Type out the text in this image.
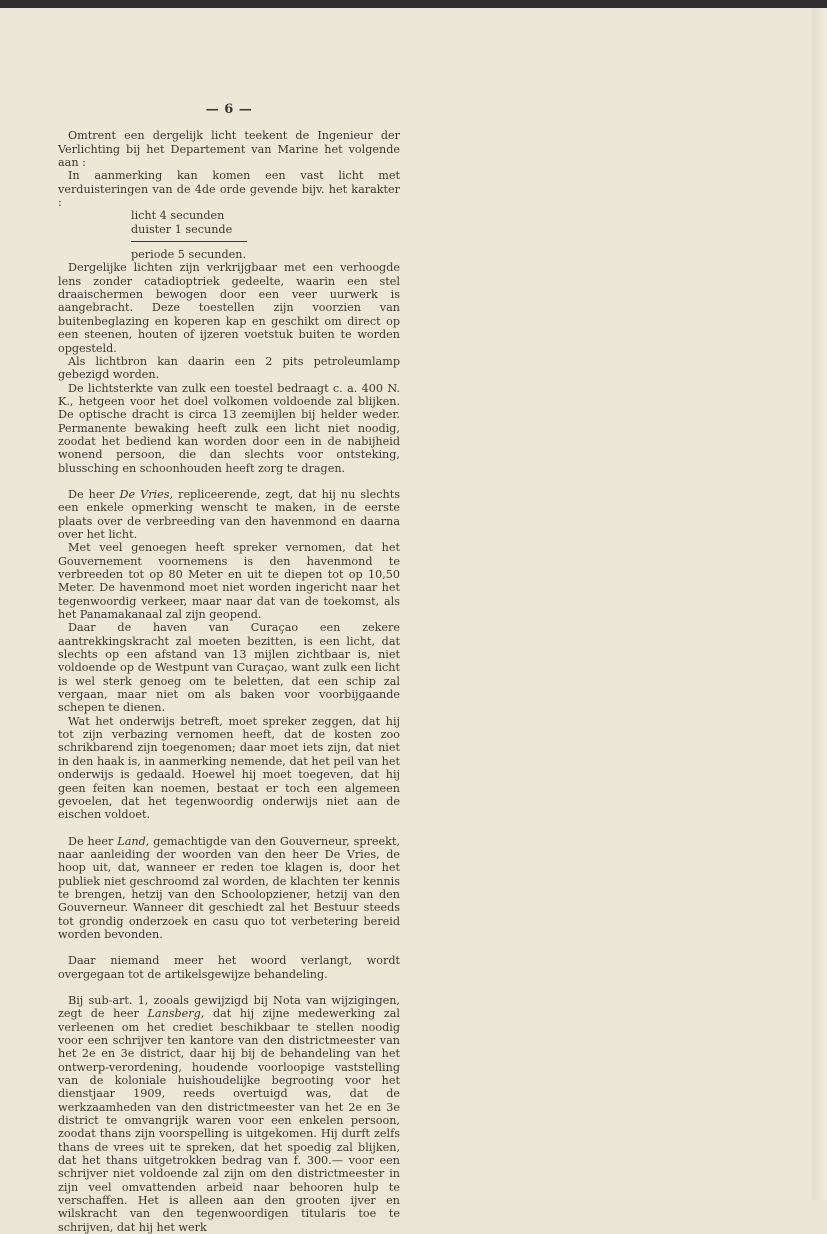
— 6 —

Omtrent een dergelijk licht teekent de Ingenieur der Verlichting bij het Departement van Marine het volgende aan :

In aanmerking kan komen een vast licht met verduisteringen van de 4de orde gevende bijv. het karakter :

licht 4 secunden

duister 1 secunde

periode 5 secunden.

Dergelijke lichten zijn verkrijgbaar met een verhoogde lens zonder catadioptriek gedeelte, waarin een stel draaischermen bewogen door een veer uurwerk is aangebracht. Deze toestellen zijn voorzien van buitenbeglazing en koperen kap en geschikt om direct op een steenen, houten of ijzeren voetstuk buiten te worden opgesteld.

Als lichtbron kan daarin een 2 pits petroleumlamp gebezigd worden.

De lichtsterkte van zulk een toestel bedraagt c. a. 400 N. K., hetgeen voor het doel volkomen voldoende zal blijken. De optische dracht is circa 13 zeemijlen bij helder weder. Permanente bewaking heeft zulk een licht niet noodig, zoodat het bediend kan worden door een in de nabijheid wonend persoon, die dan slechts voor ontsteking, blussching en schoonhouden heeft zorg te dragen.

De heer De Vries, repliceerende, zegt, dat hij nu slechts een enkele opmerking wenscht te maken, in de eerste plaats over de verbreeding van den havenmond en daarna over het licht.

Met veel genoegen heeft spreker vernomen, dat het Gouvernement voornemens is den havenmond te verbreeden tot op 80 Meter en uit te diepen tot op 10,50 Meter. De havenmond moet niet worden ingericht naar het tegenwoordig verkeer, maar naar dat van de toekomst, als het Panamakanaal zal zijn geopend.

Daar de haven van Curaçao een zekere aantrekkingskracht zal moeten bezitten, is een licht, dat slechts op een afstand van 13 mijlen zichtbaar is, niet voldoende op de Westpunt van Curaçao, want zulk een licht is wel sterk genoeg om te beletten, dat een schip zal vergaan, maar niet om als baken voor voorbijgaande schepen te dienen.

Wat het onderwijs betreft, moet spreker zeggen, dat hij tot zijn verbazing vernomen heeft, dat de kosten zoo schrikbarend zijn toegenomen; daar moet iets zijn, dat niet in den haak is, in aanmerking nemende, dat het peil van het onderwijs is gedaald. Hoewel hij moet toegeven, dat hij geen feiten kan noemen, bestaat er toch een algemeen gevoelen, dat het tegenwoordig onderwijs niet aan de eischen voldoet.

De heer Land, gemachtigde van den Gouverneur, spreekt, naar aanleiding der woorden van den heer De Vries, de hoop uit, dat, wanneer er reden toe klagen is, door het publiek niet geschroomd zal worden, de klachten ter kennis te brengen, hetzij van den Schoolopziener, hetzij van den Gouverneur. Wanneer dit geschiedt zal het Bestuur steeds tot grondig onderzoek en casu quo tot verbetering bereid worden bevonden.

Daar niemand meer het woord verlangt, wordt overgegaan tot de artikelsgewijze behandeling.

Bij sub-art. 1, zooals gewijzigd bij Nota van wijzigingen, zegt de heer Lansberg, dat hij zijne medewerking zal verleenen om het crediet beschikbaar te stellen noodig voor een schrijver ten kantore van den districtmeester van het 2e en 3e district, daar hij bij de behandeling van het ontwerp-verordening, houdende voorloopige vaststelling van de koloniale huishoudelijke begrooting voor het dienstjaar 1909, reeds overtuigd was, dat de werkzaamheden van den districtmeester van het 2e en 3e district te omvangrijk waren voor een enkelen persoon, zoodat thans zijn voorspelling is uitgekomen. Hij durft zelfs thans de vrees uit te spreken, dat het spoedig zal blijken, dat het thans uitgetrokken bedrag van f. 300.— voor een schrijver niet voldoende zal zijn om den districtmeester in zijn veel omvattenden arbeid naar behooren hulp te verschaffen. Het is alleen aan den grooten ijver en wilskracht van den tegenwoordigen titularis toe te schrijven, dat hij het werk
